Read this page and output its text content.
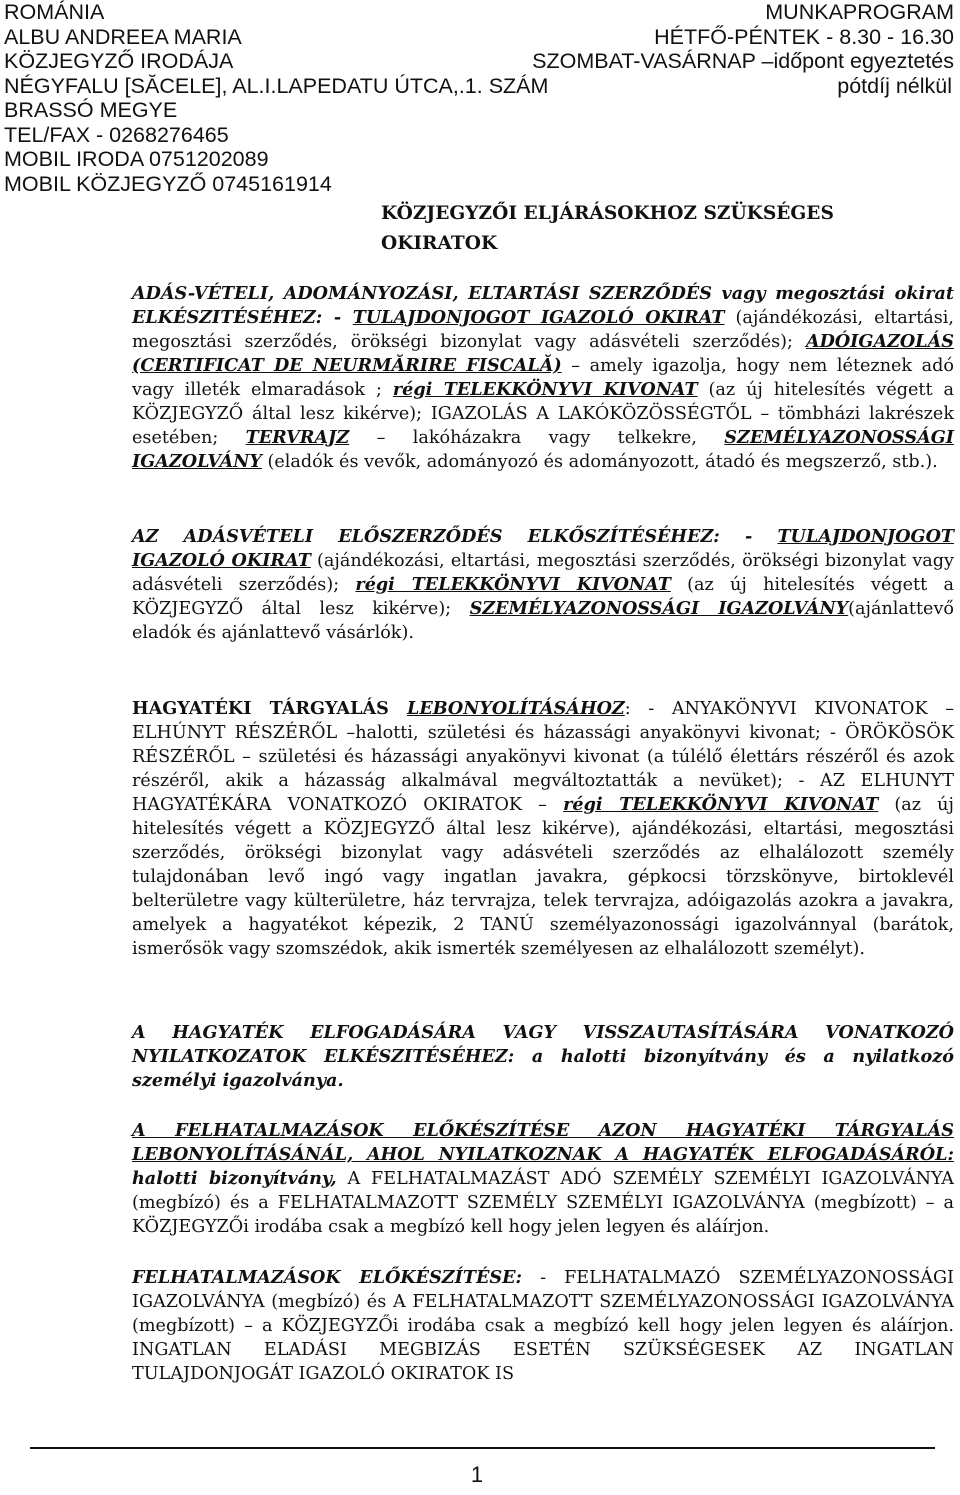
ROMÁNIA	MUNKAPROGRAM
ALBU ANDREEA MARIA	HÉTFŐ-PÉNTEK - 8.30 - 16.30
KÖZJEGYZŐ IRODÁJA	SZOMBAT-VASÁRNAP –időpont egyeztetés
NÉGYFALU [SĂCELE], AL.I.LAPEDATU ÚTCA,.1. SZÁM	pótdíj nélkül
BRASSÓ MEGYE
TEL/FAX - 0268276465
MOBIL IRODA 0751202089
MOBIL KÖZJEGYZŐ 0745161914
KÖZJEGYZŐI ELJÁRÁSOKHOZ SZÜKSÉGES
OKIRATOK
ADÁS-VÉTELI, ADOMÁNYOZÁSI, ELTARTÁSI SZERZŐDÉS vagy megosztási okirat ELKÉSZITÉSÉHEZ: - TULAJDONJOGOT IGAZOLÓ OKIRAT (ajándékozási, eltartási, megosztási szerződés, örökségi bizonylat vagy adásvételi szerződés); ADÓIGAZOLÁS (CERTIFICAT DE NEURMĂRIRE FISCALĂ) – amely igazolja, hogy nem léteznek adó vagy illeték elmaradások ; régi TELEKKÖNYVI KIVONAT (az új hitelesítés végett a KÖZJEGYZŐ által lesz kikérve); IGAZOLÁS A LAKÓKÖZÖSSÉGTŐL – tömbházi lakrészek esetében; TERVRAJZ – lakóházakra vagy telkekre, SZEMÉLYAZONOSSÁGI IGAZOLVÁNY (eladók és vevők, adományozó és adományozott, átadó és megszerző, stb.).
AZ ADÁSVÉTELI ELŐSZERZŐDÉS ELKŐSZÍTÉSÉHEZ: - TULAJDONJOGOT IGAZOLÓ OKIRAT (ajándékozási, eltartási, megosztási szerződés, örökségi bizonylat vagy adásvételi szerződés); régi TELEKKÖNYVI KIVONAT (az új hitelesítés végett a KÖZJEGYZŐ által lesz kikérve); SZEMÉLYAZONOSSÁGI IGAZOLVÁNY(ajánlattevő eladók és ajánlattevő vásárlók).
HAGYATÉKI TÁRGYALÁS LEBONYOLÍTÁSÁHOZ: - ANYAKÖNYVI KIVONATOK – ELHÚNYT RÉSZÉRŐL –halotti, születési és házassági anyakönyvi kivonat; - ÖRÖKÖSÖK RÉSZÉRŐL – születési és házassági anyakönyvi kivonat (a túlélő élettárs részéről és azok részéről, akik a házasság alkalmával megváltoztatták a nevüket); - AZ ELHUNYT HAGYATÉKÁRA VONATKOZÓ OKIRATOK – régi TELEKKÖNYVI KIVONAT (az új hitelesítés végett a KÖZJEGYZŐ által lesz kikérve), ajándékozási, eltartási, megosztási szerződés, örökségi bizonylat vagy adásvételi szerződés az elhalálozott személy tulajdonában levő ingó vagy ingatlan javakra, gépkocsi törzskönyve, birtoklevél belterületre vagy külterületre, ház tervrajza, telek tervrajza, adóigazolás azokra a javakra, amelyek a hagyatékot képezik, 2 TANÚ személyazonossági igazolvánnyal (barátok, ismerősök vagy szomszédok, akik ismerték személyesen az elhalálozott személyt).
A HAGYATÉK ELFOGADÁSÁRA VAGY VISSZAUTASÍTÁSÁRA VONATKOZÓ NYILATKOZATOK ELKÉSZITÉSÉHEZ: a halotti bizonyítvány és a nyilatkozó személyi igazolványa.
A FELHATALMAZÁSOK ELŐKÉSZÍTÉSE AZON HAGYATÉKI TÁRGYALÁS LEBONYOLÍTÁSÁNÁL, AHOL NYILATKOZNAK A HAGYATÉK ELFOGADÁSÁRÓL: halotti bizonyítvány, A FELHATALMAZÁST ADÓ SZEMÉLY SZEMÉLYI IGAZOLVÁNYA (megbízó) és a FELHATALMAZOTT SZEMÉLY SZEMÉLYI IGAZOLVÁNYA (megbízott) – a KÖZJEGYZŐi irodába csak a megbízó kell hogy jelen legyen és aláírjon.
FELHATALMAZÁSOK ELŐKÉSZÍTÉSE: - FELHATALMAZÓ SZEMÉLYAZONOSSÁGI IGAZOLVÁNYA (megbízó) és A FELHATALMAZOTT SZEMÉLYAZONOSSÁGI IGAZOLVÁNYA (megbízott) – a KÖZJEGYZŐi irodába csak a megbízó kell hogy jelen legyen és aláírjon. INGATLAN ELADÁSI MEGBIZÁS ESETÉN SZÜKSÉGESEK AZ INGATLAN TULAJDONJOGÁT IGAZOLÓ OKIRATOK IS
1
